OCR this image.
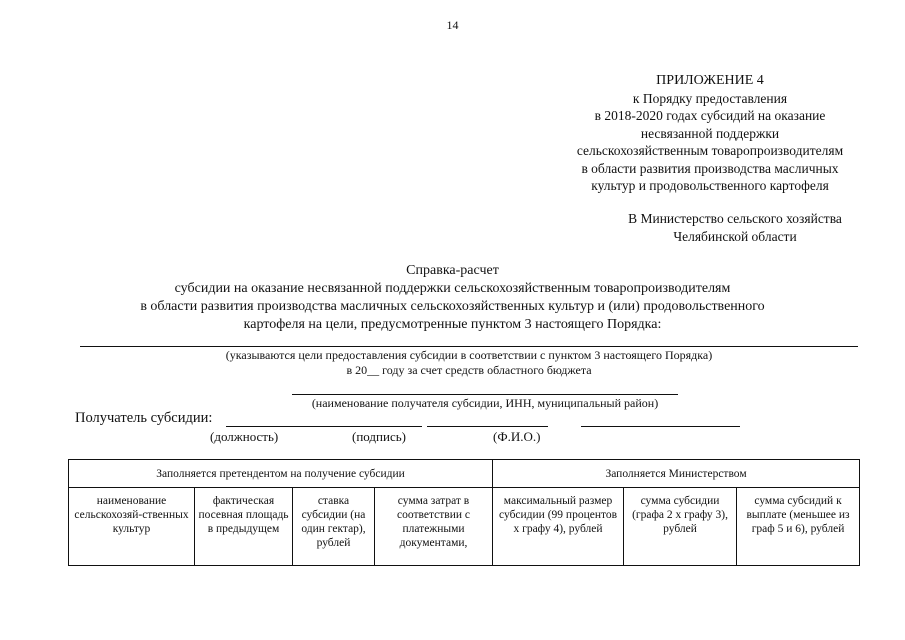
14
ПРИЛОЖЕНИЕ 4
к Порядку предоставления
в 2018-2020 годах субсидий на оказание
несвязанной поддержки
сельскохозяйственным товаропроизводителям
в области развития производства масличных
культур и продовольственного картофеля
В Министерство сельского хозяйства
Челябинской области
Справка-расчет
субсидии на оказание несвязанной поддержки сельскохозяйственным товаропроизводителям
в области развития производства масличных сельскохозяйственных культур и (или) продовольственного
картофеля на цели, предусмотренные пунктом 3 настоящего Порядка:
(указываются цели предоставления субсидии в соответствии с пунктом 3 настоящего Порядка)
в 20__ году за счет средств областного бюджета
(наименование получателя субсидии, ИНН, муниципальный район)
Получатель субсидии:
(должность)	(подпись)	(Ф.И.О.)
Заполняется претендентом на получение субсидии				Заполняется Министерством		

наименование сельскохозяй-ственных культур	фактическая посевная площадь в предыдущем	ставка субсидии (на один гектар), рублей	сумма затрат в соответствии с платежными документами,	максимальный размер субсидии (99 процентов х графу 4), рублей	сумма субсидии (графа 2 х графу 3), рублей	сумма субсидий к выплате (меньшее из граф 5 и 6), рублей
